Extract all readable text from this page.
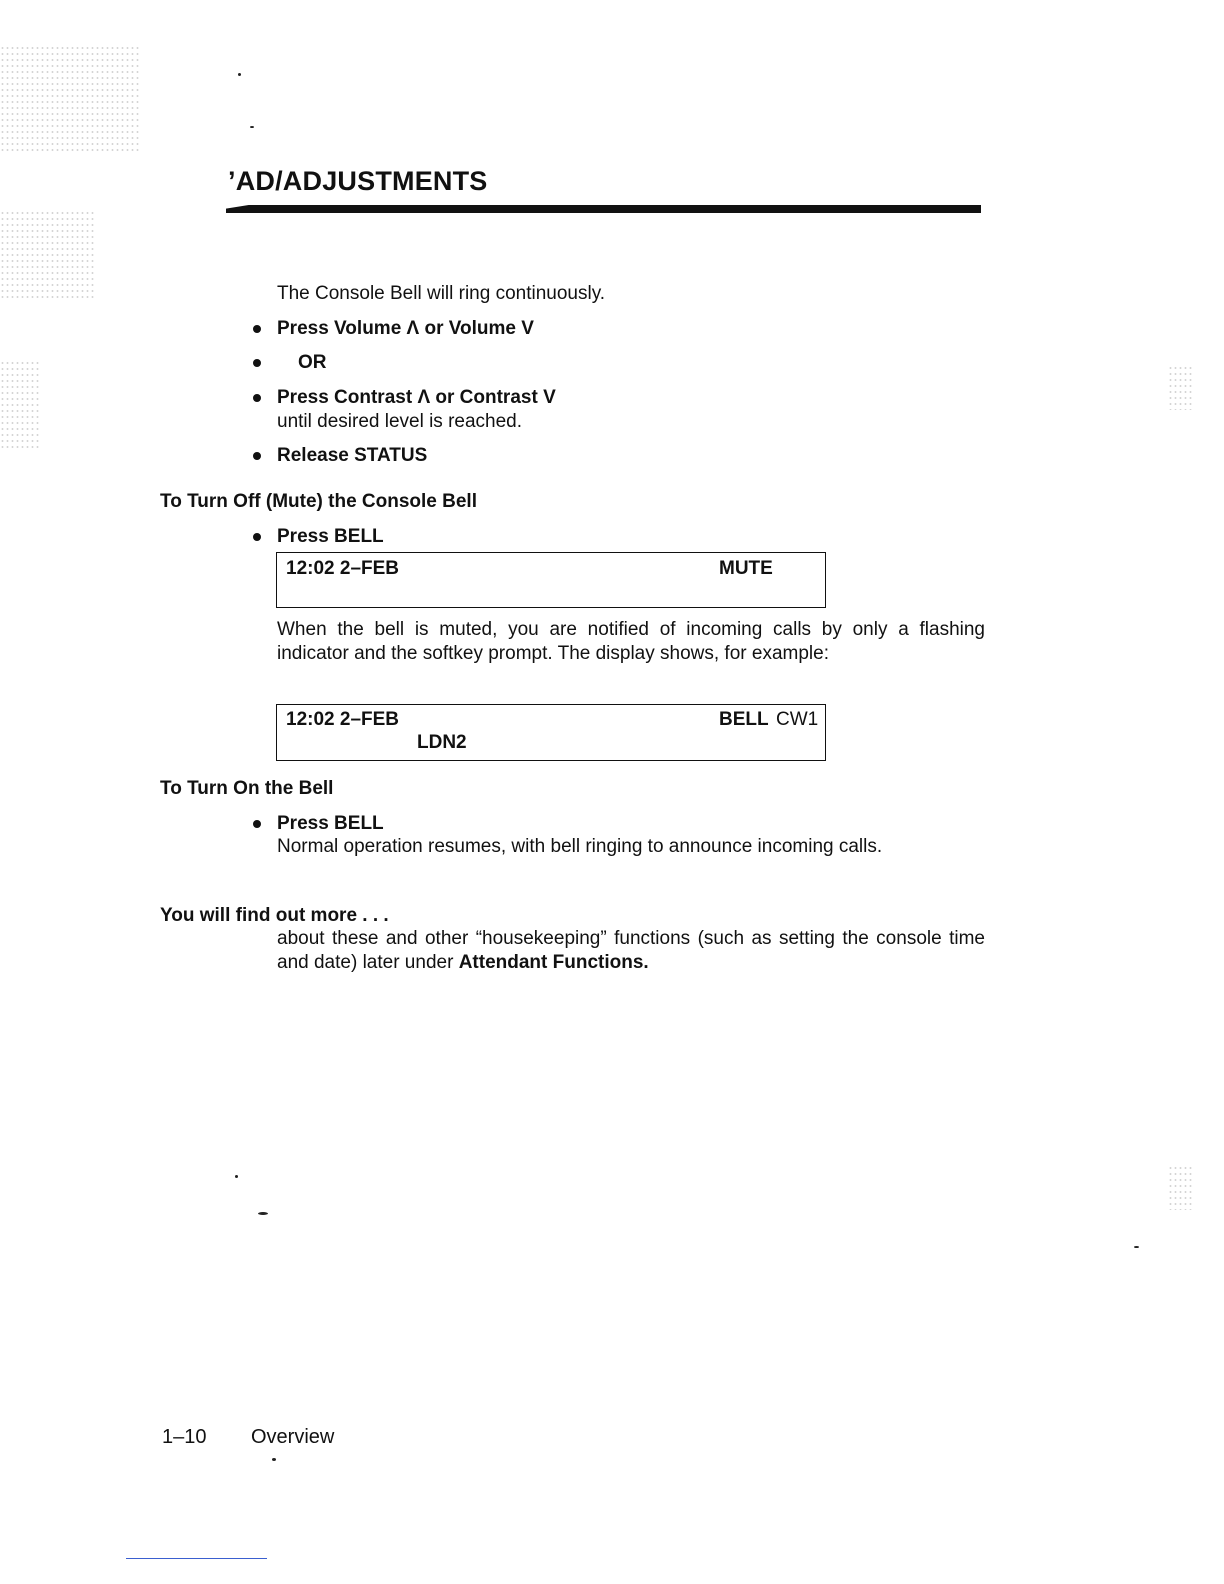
’AD/ADJUSTMENTS
The Console Bell will ring continuously.
Press Volume Λ or Volume V
OR
Press Contrast Λ or Contrast V
until desired level is reached.
Release STATUS
To Turn Off (Mute) the Console Bell
Press BELL
12:02 2–FEB	MUTE
When the bell is muted, you are notified of incoming calls by only a flashing indicator and the softkey prompt. The display shows, for example:
12:02 2–FEB	BELL CW1
LDN2
To Turn On the Bell
Press BELL
Normal operation resumes, with bell ringing to announce incoming calls.
You will find out more . . .
about these and other “housekeeping” functions (such as setting the console time and date) later under Attendant Functions.
1–10 Overview
